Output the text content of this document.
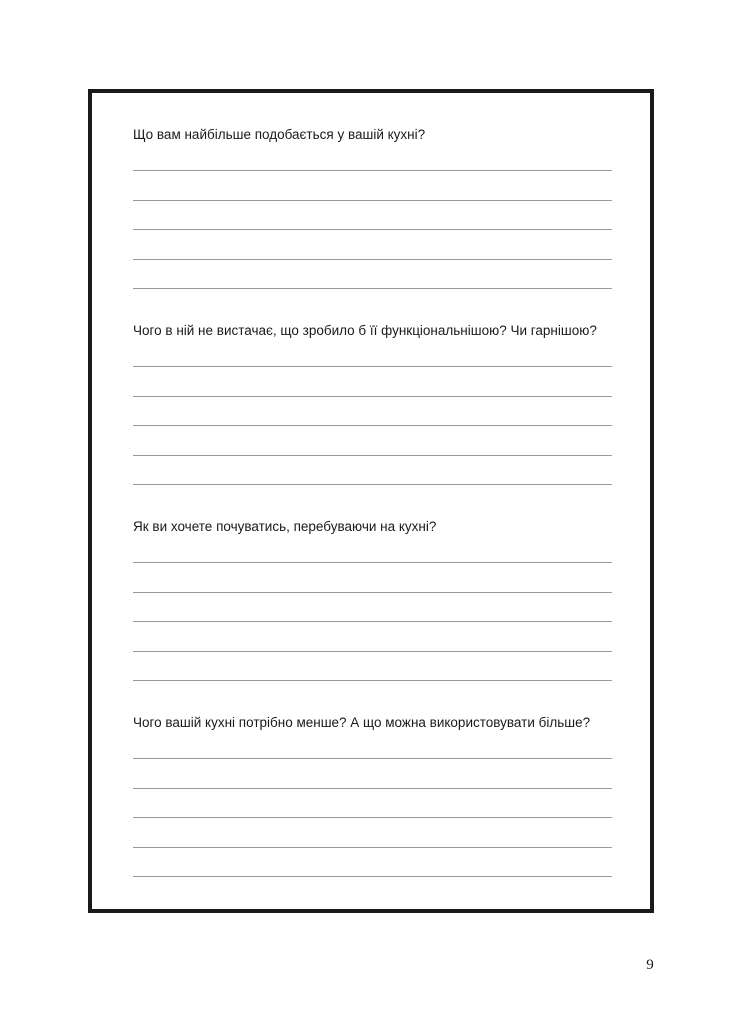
Що вам найбільше подобається у вашій кухні?

Чого в ній не вистачає, що зробило б її функціональнішою? Чи гарнішою?

Як ви хочете почуватись, перебуваючи на кухні?

Чого вашій кухні потрібно менше? А що можна використовувати більше?

9
